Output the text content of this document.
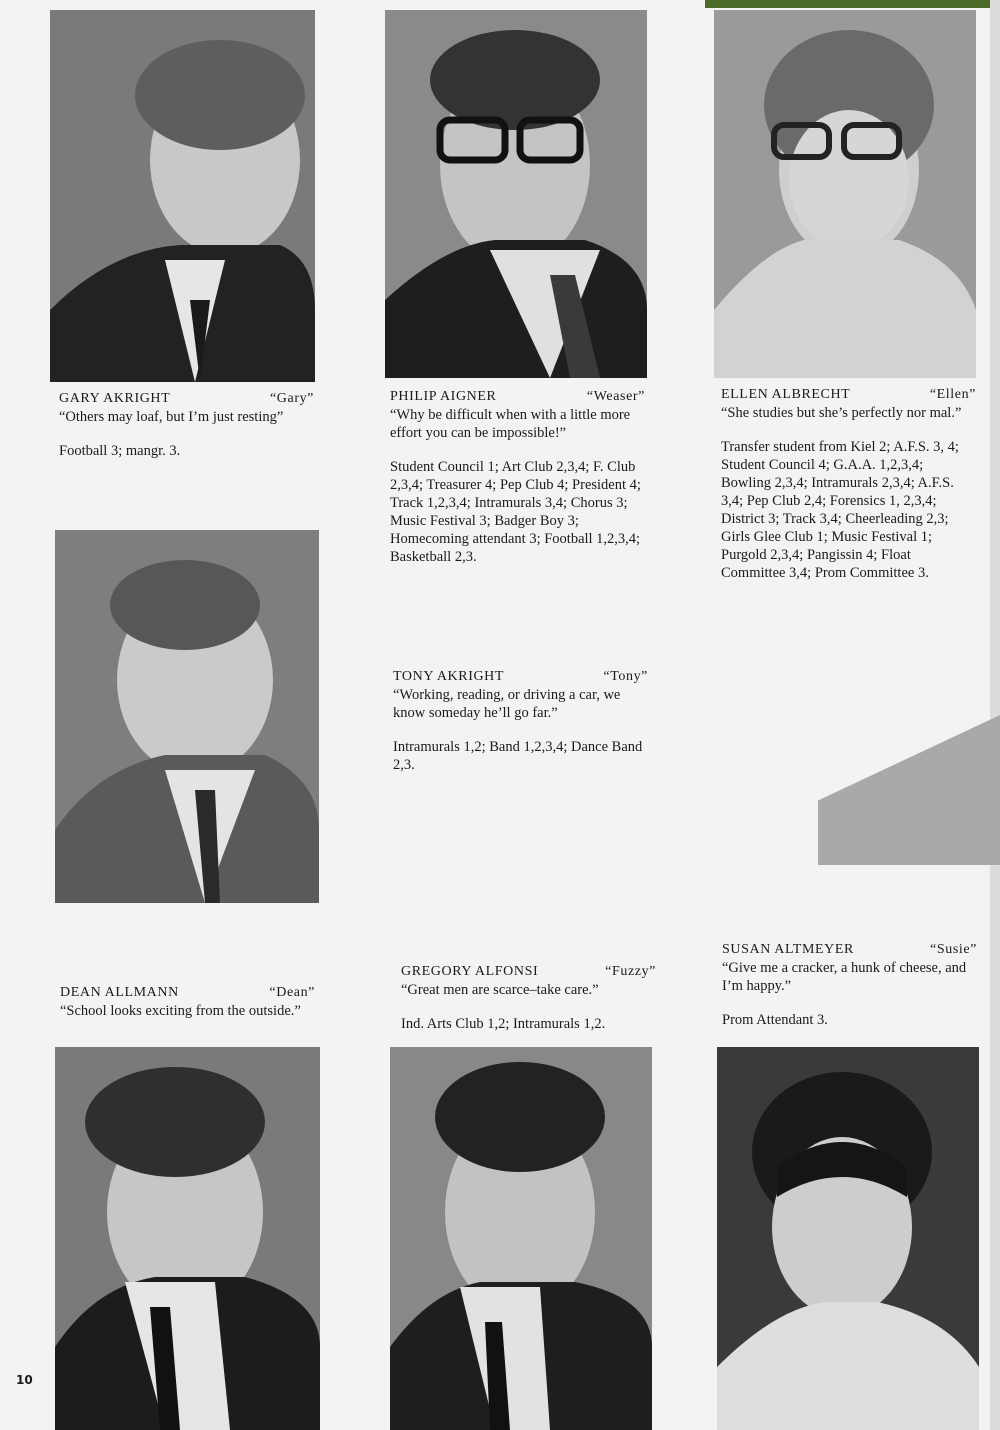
GARY AKRIGHT	“Gary”

“Others may loaf, but I’m just resting”

Football 3; mangr. 3.
PHILIP AIGNER	“Weaser”

“Why be difficult when with a little more effort you can be impossible!”

Student Council 1; Art Club 2,3,4; F. Club 2,3,4; Treasurer 4; Pep Club 4; President 4; Track 1,2,3,4; Intramurals 3,4; Chorus 3; Music Festival 3; Badger Boy 3; Homecoming attendant 3; Football 1,2,3,4; Basketball 2,3.
ELLEN ALBRECHT	“Ellen”

“She studies but she’s perfectly nor mal.”

Transfer student from Kiel 2; A.F.S. 3, 4; Student Council 4; G.A.A. 1,2,3,4; Bowling 2,3,4; Intramurals 2,3,4; A.F.S. 3,4; Pep Club 2,4; Forensics 1, 2,3,4; District 3; Track 3,4; Cheerleading 2,3; Girls Glee Club 1; Music Festival 1; Purgold 2,3,4; Pangissin 4; Float Committee 3,4; Prom Committee 3.
TONY AKRIGHT	“Tony”

“Working, reading, or driving a car, we know someday he’ll go far.”

Intramurals 1,2; Band 1,2,3,4; Dance Band 2,3.
DEAN ALLMANN	“Dean”

“School looks exciting from the outside.”

GREGORY ALFONSI	“Fuzzy”

“Great men are scarce–take care.”

Ind. Arts Club 1,2; Intramurals 1,2.
SUSAN ALTMEYER	“Susie”

“Give me a cracker, a hunk of cheese, and I’m happy.”

Prom Attendant 3.
10
